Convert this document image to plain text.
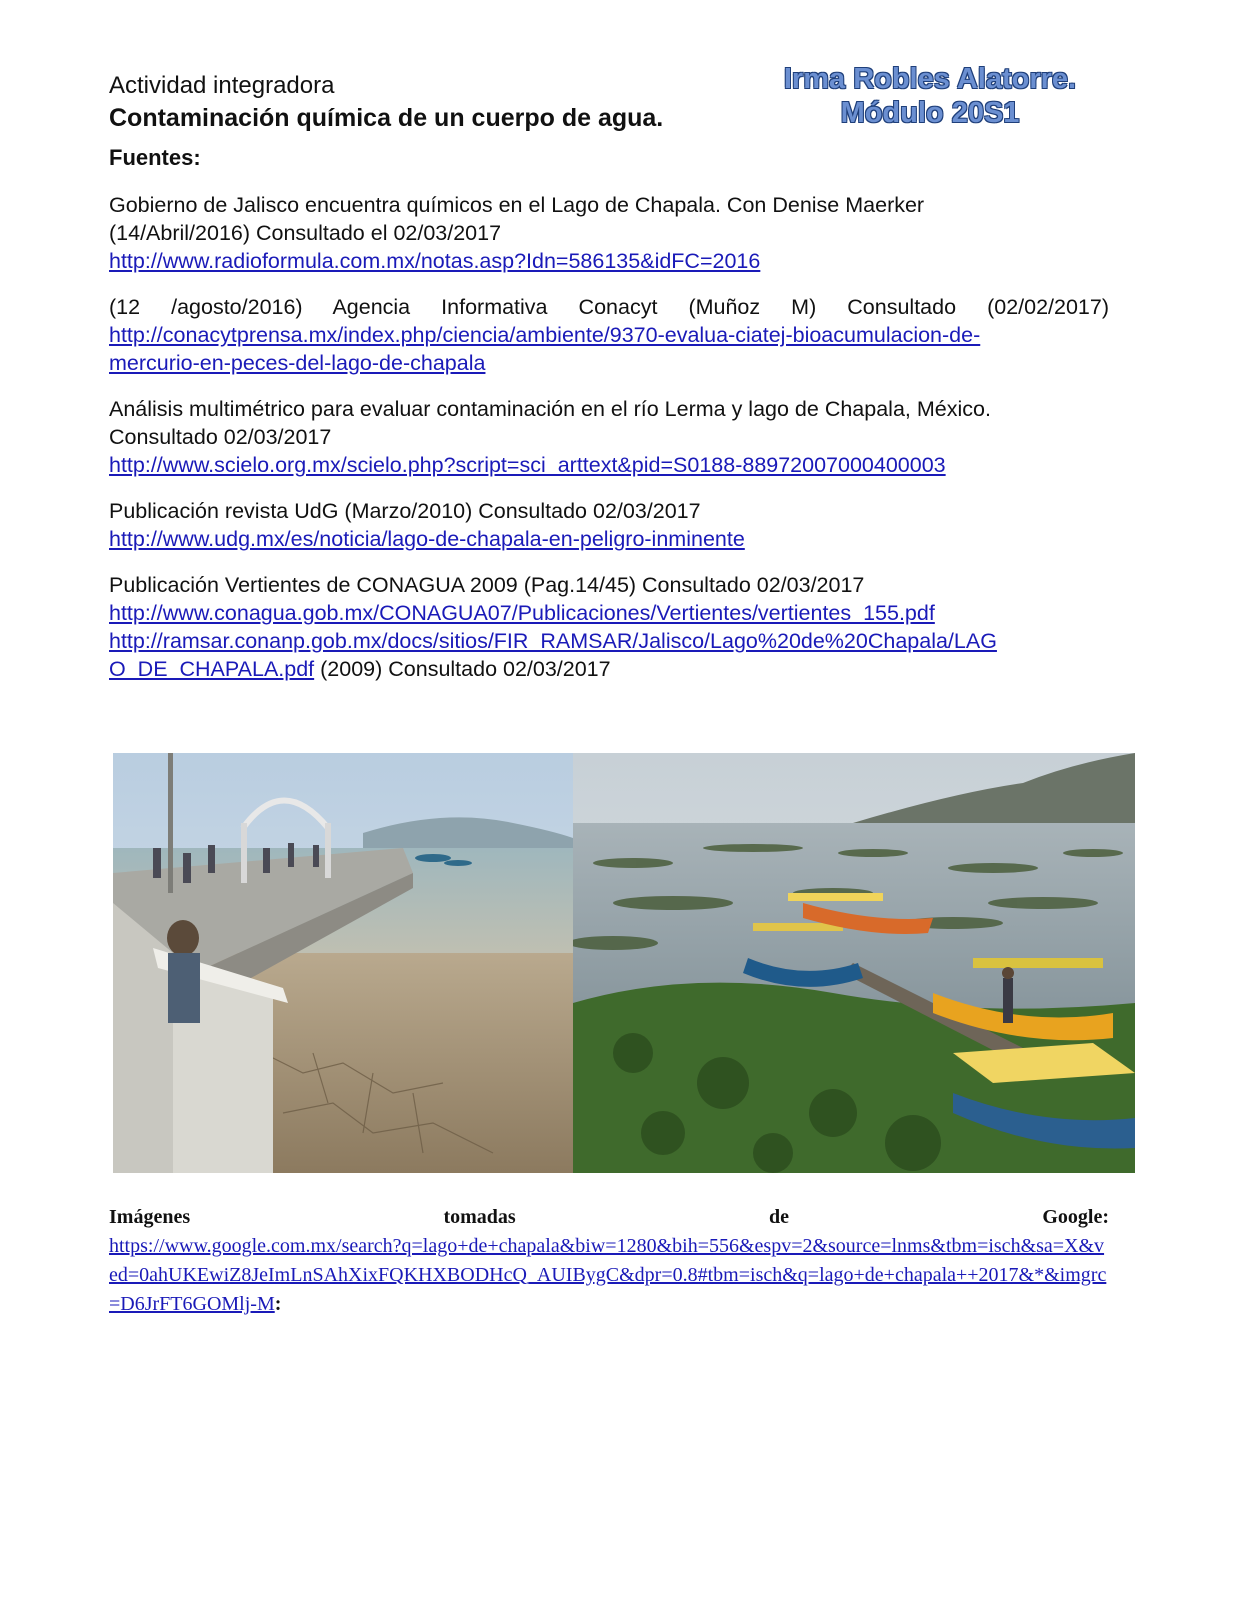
Actividad integradora
Contaminación química de un cuerpo de agua.
Fuentes:
Irma Robles Alatorre.
Módulo 20S1
Gobierno de Jalisco encuentra químicos en el Lago de Chapala. Con Denise Maerker
(14/Abril/2016) Consultado el 02/03/2017
http://www.radioformula.com.mx/notas.asp?Idn=586135&idFC=2016
(12 /agosto/2016) Agencia Informativa Conacyt (Muñoz M) Consultado (02/02/2017)
http://conacytprensa.mx/index.php/ciencia/ambiente/9370-evalua-ciatej-bioacumulacion-de-
mercurio-en-peces-del-lago-de-chapala
Análisis multimétrico para evaluar contaminación en el río Lerma y lago de Chapala, México.
Consultado 02/03/2017
http://www.scielo.org.mx/scielo.php?script=sci_arttext&pid=S0188-88972007000400003
Publicación revista UdG (Marzo/2010) Consultado 02/03/2017
http://www.udg.mx/es/noticia/lago-de-chapala-en-peligro-inminente
Publicación Vertientes de CONAGUA 2009 (Pag.14/45) Consultado 02/03/2017
http://www.conagua.gob.mx/CONAGUA07/Publicaciones/Vertientes/vertientes_155.pdf
http://ramsar.conanp.gob.mx/docs/sitios/FIR_RAMSAR/Jalisco/Lago%20de%20Chapala/LAG
O_DE_CHAPALA.pdf (2009) Consultado 02/03/2017
Imágenes	tomadas	de	Google:
https://www.google.com.mx/search?q=lago+de+chapala&biw=1280&bih=556&espv=2&source=lnms&tbm=isch&sa=X&ved=0ahUKEwiZ8JeImLnSAhXixFQKHXBODHcQ_AUIBygC&dpr=0.8#tbm=isch&q=lago+de+chapala++2017&*&imgrc=D6JrFT6GOMlj-M:
